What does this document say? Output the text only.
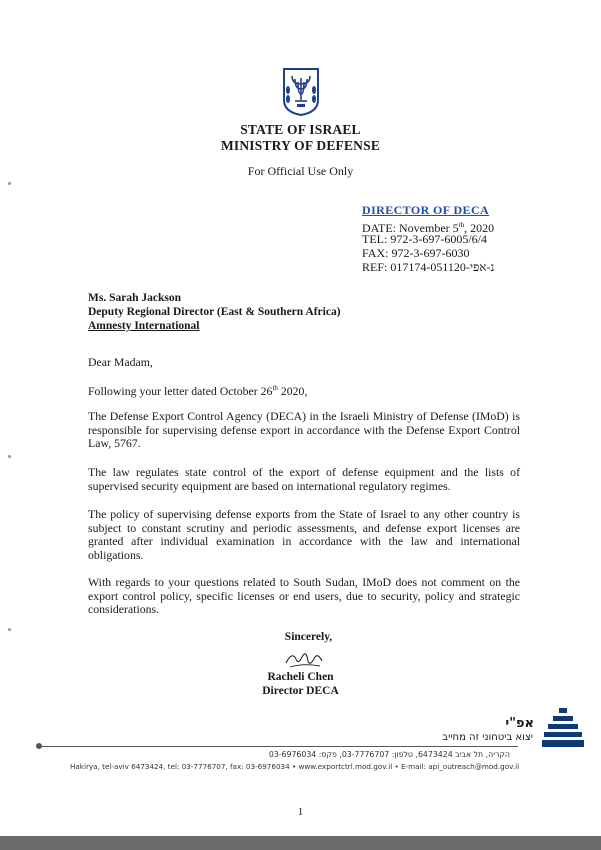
STATE OF ISRAEL
MINISTRY OF DEFENSE
For Official Use Only
DIRECTOR OF DECA
DATE: November 5th, 2020
TEL: 972-3-697-6005/6/4
FAX: 972-3-697-6030
REF: 017174-051120-נ-אפי
Ms. Sarah Jackson
Deputy Regional Director (East & Southern Africa)
Amnesty International
Dear Madam,
Following your letter dated October 26th 2020,
The Defense Export Control Agency (DECA) in the Israeli Ministry of Defense (IMoD) is responsible for supervising defense export in accordance with the Defense Export Control Law, 5767.
The law regulates state control of the export of defense equipment and the lists of supervised security equipment are based on international regulatory regimes.
The policy of supervising defense exports from the State of Israel to any other country is subject to constant scrutiny and periodic assessments, and defense export licenses are granted after individual examination in accordance with the law and international obligations.
With regards to your questions related to South Sudan, IMoD does not comment on the export control policy, specific licenses or end users, due to security, policy and strategic considerations.
Sincerely,
Racheli Chen
Director DECA
אפ"י
יצוא ביטחוני זה מחייב
הקריה, תל אביב 6473424, טלפון: 03-7776707, פקס: 03-6976034
Hakirya, tel-aviv 6473424, tel: 03-7776707, fax: 03-6976034 • www.exportctrl.mod.gov.il • E-mail: api_outreach@mod.gov.il
1
